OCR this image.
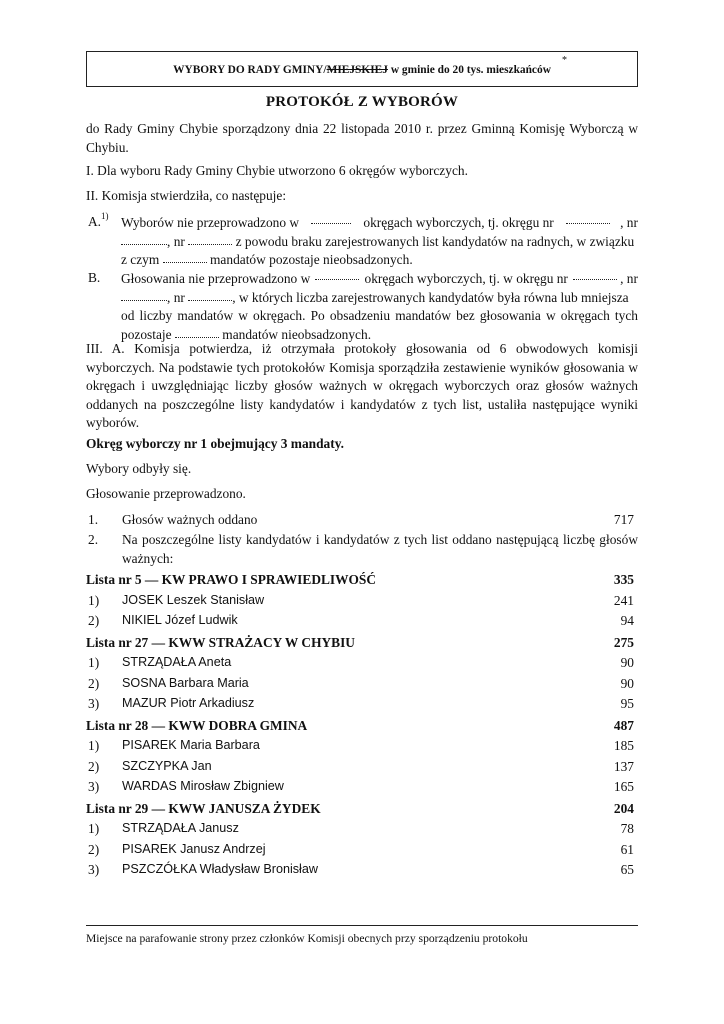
WYBORY DO RADY GMINY/MIEJSKIEJ w gminie do 20 tys. mieszkańców
*
PROTOKÓŁ Z WYBORÓW
do Rady Gminy Chybie sporządzony dnia 22 listopada 2010 r. przez Gminną Komisję Wyborczą w Chybiu.
I. Dla wyboru Rady Gminy Chybie utworzono 6 okręgów wyborczych.
II. Komisja stwierdziła, co następuje:
A.$^{1)}$ Wyborów nie przeprowadzono w	okręgach wyborczych, tj. okręgu nr	, nr
, nr	z powodu braku zarejestrowanych list kandydatów na radnych, w związku
z czym	mandatów pozostaje nieobsadzonych.
B. Głosowania nie przeprowadzono w	okręgach wyborczych, tj. w okręgu nr	, nr
, nr	, w których liczba zarejestrowanych kandydatów była równa lub mniejsza
od liczby mandatów w okręgach. Po obsadzeniu mandatów bez głosowania w okręgach tych
pozostaje	mandatów nieobsadzonych.
III. A. Komisja potwierdza, iż otrzymała protokoły głosowania od 6 obwodowych komisji wyborczych. Na podstawie tych protokołów Komisja sporządziła zestawienie wyników głosowania w okręgach i uwzględniając liczby głosów ważnych w okręgach wyborczych oraz głosów ważnych oddanych na poszczególne listy kandydatów i kandydatów z tych list, ustaliła następujące wyniki wyborów.
Okręg wyborczy nr 1 obejmujący 3 mandaty.
Wybory odbyły się.
Głosowanie przeprowadzono.
1. Głosów ważnych oddano	717
2. Na poszczególne listy kandydatów i kandydatów z tych list oddano następującą liczbę głosów ważnych:
Lista nr 5 — KW PRAWO I SPRAWIEDLIWOŚĆ	335
1) JOSEK Leszek Stanisław	241
2) NIKIEL Józef Ludwik	94
Lista nr 27 — KWW STRAŻACY W CHYBIU	275
1) STRZĄDAŁA Aneta	90
2) SOSNA Barbara Maria	90
3) MAZUR Piotr Arkadiusz	95
Lista nr 28 — KWW DOBRA GMINA	487
1) PISAREK Maria Barbara	185
2) SZCZYPKA Jan	137
3) WARDAS Mirosław Zbigniew	165
Lista nr 29 — KWW JANUSZA ŻYDEK	204
1) STRZĄDAŁA Janusz	78
2) PISAREK Janusz Andrzej	61
3) PSZCZÓŁKA Władysław Bronisław	65
Miejsce na parafowanie strony przez członków Komisji obecnych przy sporządzeniu protokołu
